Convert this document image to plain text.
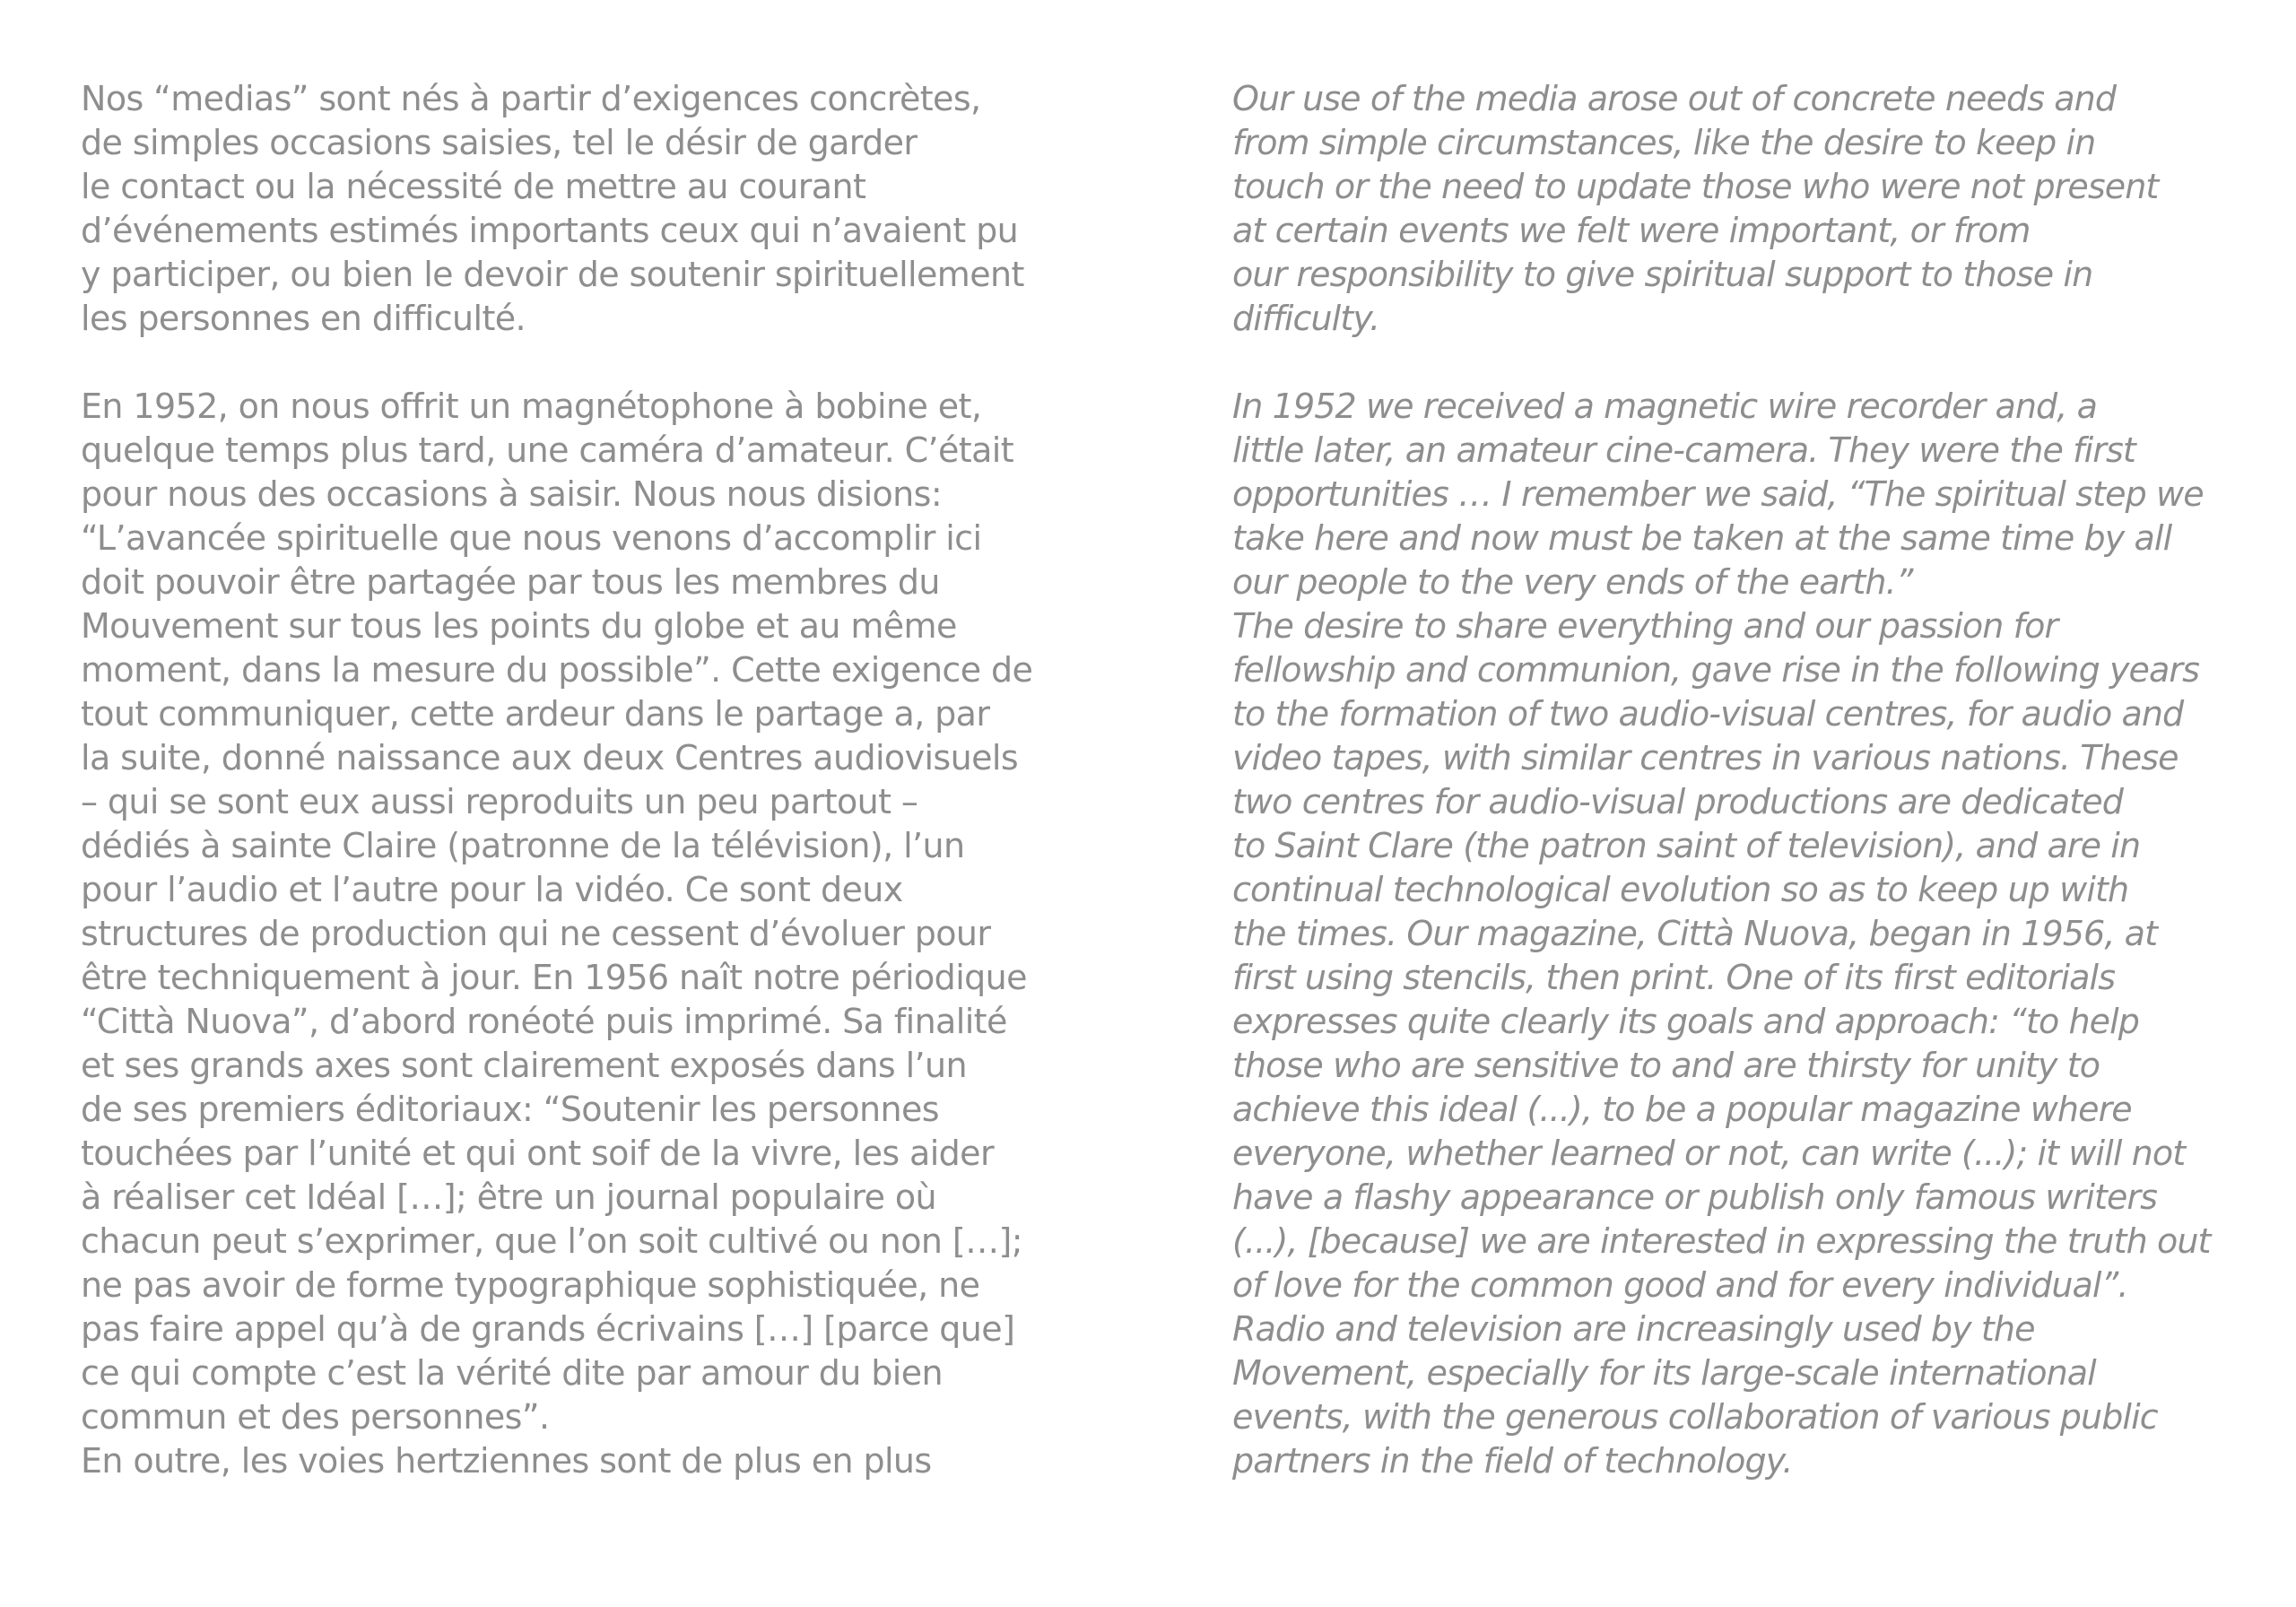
Nos “medias” sont nés à partir d’exigences concrètes,
de simples occasions saisies, tel le désir de garder
le contact ou la nécessité de mettre au courant
d’événements estimés importants ceux qui n’avaient pu
y participer, ou bien le devoir de soutenir spirituellement
les personnes en difficulté.
En 1952, on nous offrit un magnétophone à bobine et,
quelque temps plus tard, une caméra d’amateur. C’était
pour nous des occasions à saisir. Nous nous disions:
“L’avancée spirituelle que nous venons d’accomplir ici
doit pouvoir être partagée par tous les membres du
Mouvement sur tous les points du globe et au même
moment, dans la mesure du possible”. Cette exigence de
tout communiquer, cette ardeur dans le partage a, par
la suite, donné naissance aux deux Centres audiovisuels
– qui se sont eux aussi reproduits un peu partout –
dédiés à sainte Claire (patronne de la télévision), l’un
pour l’audio et l’autre pour la vidéo. Ce sont deux
structures de production qui ne cessent d’évoluer pour
être techniquement à jour. En 1956 naît notre périodique
“Città Nuova”, d’abord ronéoté puis imprimé. Sa finalité
et ses grands axes sont clairement exposés dans l’un
de ses premiers éditoriaux: “Soutenir les personnes
touchées par l’unité et qui ont soif de la vivre, les aider
à réaliser cet Idéal […]; être un journal populaire où
chacun peut s’exprimer, que l’on soit cultivé ou non […];
ne pas avoir de forme typographique sophistiquée, ne
pas faire appel qu’à de grands écrivains […] [parce que]
ce qui compte c’est la vérité dite par amour du bien
commun et des personnes”.
En outre, les voies hertziennes sont de plus en plus
Our use of the media arose out of concrete needs and
from simple circumstances, like the desire to keep in
touch or the need to update those who were not present
at certain events we felt were important, or from
our responsibility to give spiritual support to those in
difficulty.
In 1952 we received a magnetic wire recorder and, a
little later, an amateur cine-camera. They were the first
opportunities … I remember we said, “The spiritual step we
take here and now must be taken at the same time by all
our people to the very ends of the earth.”
The desire to share everything and our passion for
fellowship and communion, gave rise in the following years
to the formation of two audio-visual centres, for audio and
video tapes, with similar centres in various nations. These
two centres for audio-visual productions are dedicated
to Saint Clare (the patron saint of television), and are in
continual technological evolution so as to keep up with
the times. Our magazine, Città Nuova, began in 1956, at
first using stencils, then print. One of its first editorials
expresses quite clearly its goals and approach: “to help
those who are sensitive to and are thirsty for unity to
achieve this ideal (...), to be a popular magazine where
everyone, whether learned or not, can write (...); it will not
have a flashy appearance or publish only famous writers
(...), [because] we are interested in expressing the truth out
of love for the common good and for every individual”.
Radio and television are increasingly used by the
Movement, especially for its large-scale international
events, with the generous collaboration of various public
partners in the field of technology.
